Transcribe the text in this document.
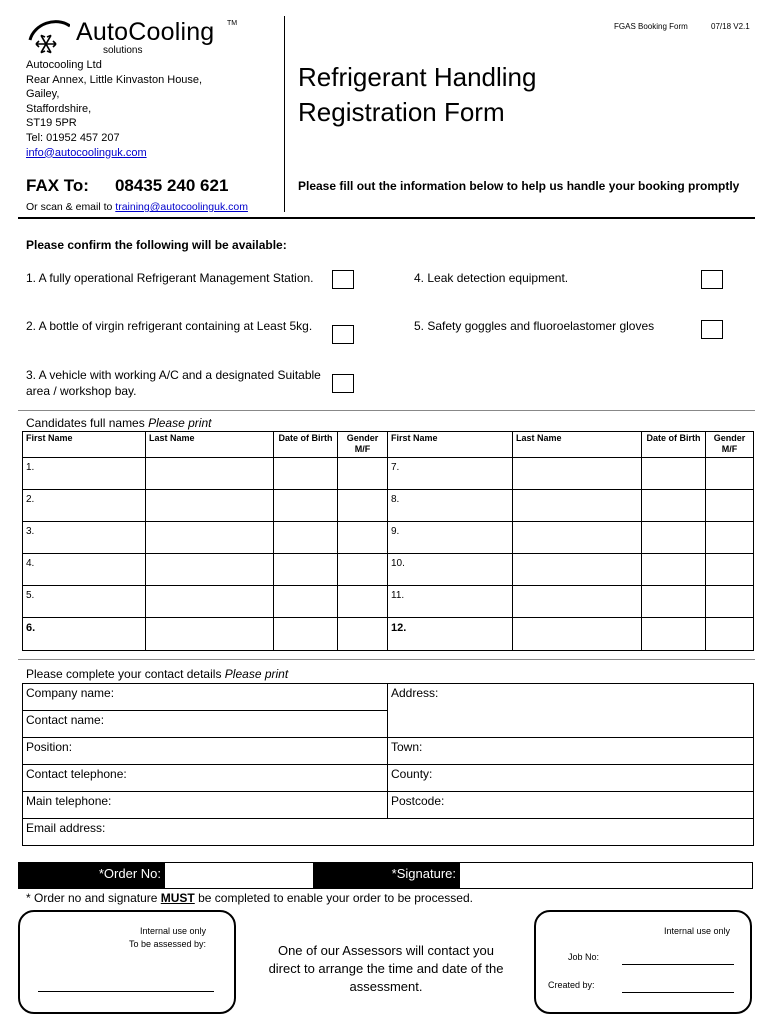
AutoCooling TM
solutions
Autocooling Ltd
Rear Annex, Little Kinvaston House,
Gailey,
Staffordshire,
ST19 5PR
Tel: 01952 457 207
info@autocoolinguk.com
FGAS Booking Form	07/18 V2.1
Refrigerant Handling
Registration Form
FAX To: 08435 240 621
Or scan & email to training@autocoolinguk.com
Please fill out the information below to help us handle your booking promptly
Please confirm the following will be available:
1. A fully operational Refrigerant Management Station.
2. A bottle of virgin refrigerant containing at Least 5kg.
3. A vehicle with working A/C and a designated Suitable area / workshop bay.
4. Leak detection equipment.
5. Safety goggles and fluoroelastomer gloves
Candidates full names Please print
First Name	Last Name	Date of Birth	Gender M/F	First Name	Last Name	Date of Birth	Gender M/F
1.				7.			
2.				8.			
3.				9.			
4.				10.			
5.				11.			
6.				12.			
Please complete your contact details Please print
Company name:	Address:
Contact name:	
Position:	Town:
Contact telephone:	County:
Main telephone:	Postcode:
Email address:	
*Order No:	*Signature:
* Order no and signature MUST be completed to enable your order to be processed.
Internal use only
To be assessed by:	One of our Assessors will contact you direct to arrange the time and date of the assessment.
Internal use only
Job No:
Created by:
